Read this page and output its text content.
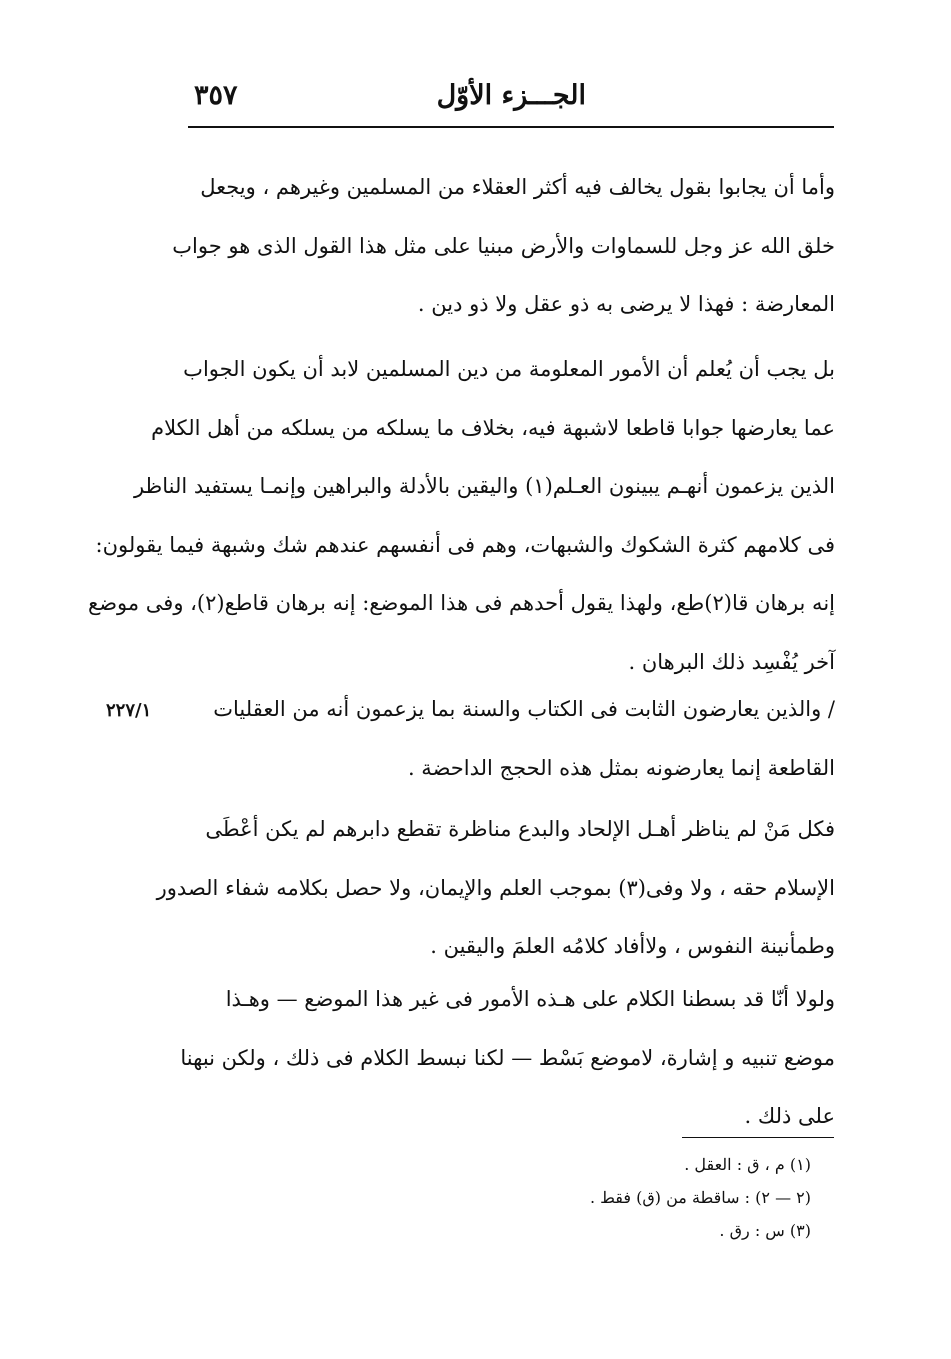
الجـــزء الأوّل
٣٥٧
وأما أن يجابوا بقول يخالف فيه أكثر العقلاء من المسلمين وغيرهم ، ويجعل
خلق الله عز وجل للسماوات والأرض مبنيا على مثل هذا القول الذى هو جواب
المعارضة : فهذا لا يرضى به ذو عقل ولا ذو دين .
بل يجب أن يُعلم أن الأمور المعلومة من دين المسلمين لابد أن يكون الجواب
عما يعارضها جوابا قاطعا لاشبهة فيه، بخلاف ما يسلكه من يسلكه من أهل الكلام
الذين يزعمون أنهـم يبينون العـلم(١) واليقين بالأدلة والبراهين وإنمـا يستفيد الناظر
فى كلامهم كثرة الشكوك والشبهات، وهم فى أنفسهم عندهم شك وشبهة فيما يقولون:
إنه برهان قا(٢)طع، ولهذا يقول أحدهم فى هذا الموضع: إنه برهان قاطع(٢)، وفى موضع
آخر يُفْسِد ذلك البرهان .
/ والذين يعارضون الثابت فى الكتاب والسنة بما يزعمون أنه من العقليات
القاطعة إنما يعارضونه بمثل هذه الحجج الداحضة .
٢٢٧/١
فكل مَنْ لم يناظر أهـل الإلحاد والبدع مناظرة تقطع دابرهم لم يكن أعْطَى
الإسلام حقه ، ولا وفى(٣) بموجب العلم والإيمان، ولا حصل بكلامه شفاء الصدور
وطمأنينة النفوس ، ولاأفاد كلامُه العلمَ واليقين .
ولولا أنّا قد بسطنا الكلام على هـذه الأمور فى غير هذا الموضع — وهـذا
موضع تنبيه و إشارة، لاموضع بَسْط — لكنا نبسط الكلام فى ذلك ، ولكن نبهنا
على ذلك .
(١) م ، ق : العقل .
(٢ — ٢) : ساقطة من (ق) فقط .
(٣) س : رق .
